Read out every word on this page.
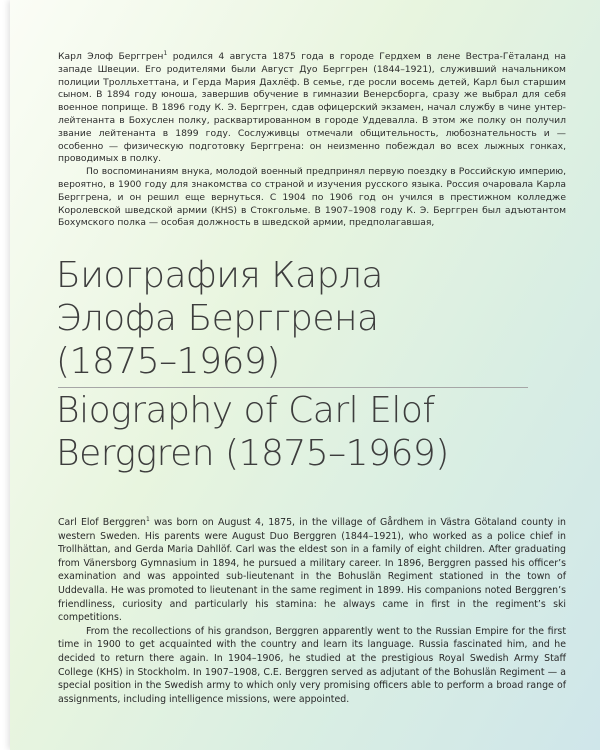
Карл Элоф Берггрен$^1$ родился 4 августа 1875 года в городе Гердхем в лене Вестра-Гёталанд на западе Швеции. Его родителями были Август Дуо Берггрен (1844–1921), служивший начальником полиции Тролльхеттана, и Герда Мария Дахлёф. В семье, где росли восемь детей, Карл был старшим сыном. В 1894 году юноша, завершив обучение в гимназии Венерсборга, сразу же выбрал для себя военное поприще. В 1896 году К. Э. Берггрен, сдав офицерский экзамен, начал службу в чине унтер-лейтенанта в Бохуслен полку, расквартированном в городе Уддевалла. В этом же полку он получил звание лейтенанта в 1899 году. Сослуживцы отмечали общительность, любознательность и — особенно — физическую подготовку Берггрена: он неизменно побеждал во всех лыжных гонках, проводимых в полку.

По воспоминаниям внука, молодой военный предпринял первую поездку в Российскую империю, вероятно, в 1900 году для знакомства со страной и изучения русского языка. Россия очаровала Карла Берггрена, и он решил еще вернуться. С 1904 по 1906 год он учился в престижном колледже Королевской шведской армии (KHS) в Стокгольме. В 1907–1908 году К. Э. Берггрен был адъютантом Бохумского полка — особая должность в шведской армии, предполагавшая,

Биография Карла
Элофа Берггрена
(1875–1969)
Biography of Carl Elof
Berggren (1875–1969)

Carl Elof Berggren$^1$ was born on August 4, 1875, in the village of Gårdhem in Västra Götaland county in western Sweden. His parents were August Duo Berggren (1844–1921), who worked as a police chief in Trollhättan, and Gerda Maria Dahllöf. Carl was the eldest son in a family of eight children. After graduating from Vänersborg Gymnasium in 1894, he pursued a military career. In 1896, Berggren passed his officer’s examination and was appointed sub-lieutenant in the Bohuslän Regiment stationed in the town of Uddevalla. He was promoted to lieutenant in the same regiment in 1899. His companions noted Berggren’s friendliness, curiosity and particularly his stamina: he always came in first in the regiment’s ski competitions.

From the recollections of his grandson, Berggren apparently went to the Russian Empire for the first time in 1900 to get acquainted with the country and learn its language. Russia fascinated him, and he decided to return there again. In 1904–1906, he studied at the prestigious Royal Swedish Army Staff College (KHS) in Stockholm. In 1907–1908, C.E. Berggren served as adjutant of the Bohuslän Regiment — a special position in the Swedish army to which only very promising officers able to perform a broad range of assignments, including intelligence missions, were appointed.
